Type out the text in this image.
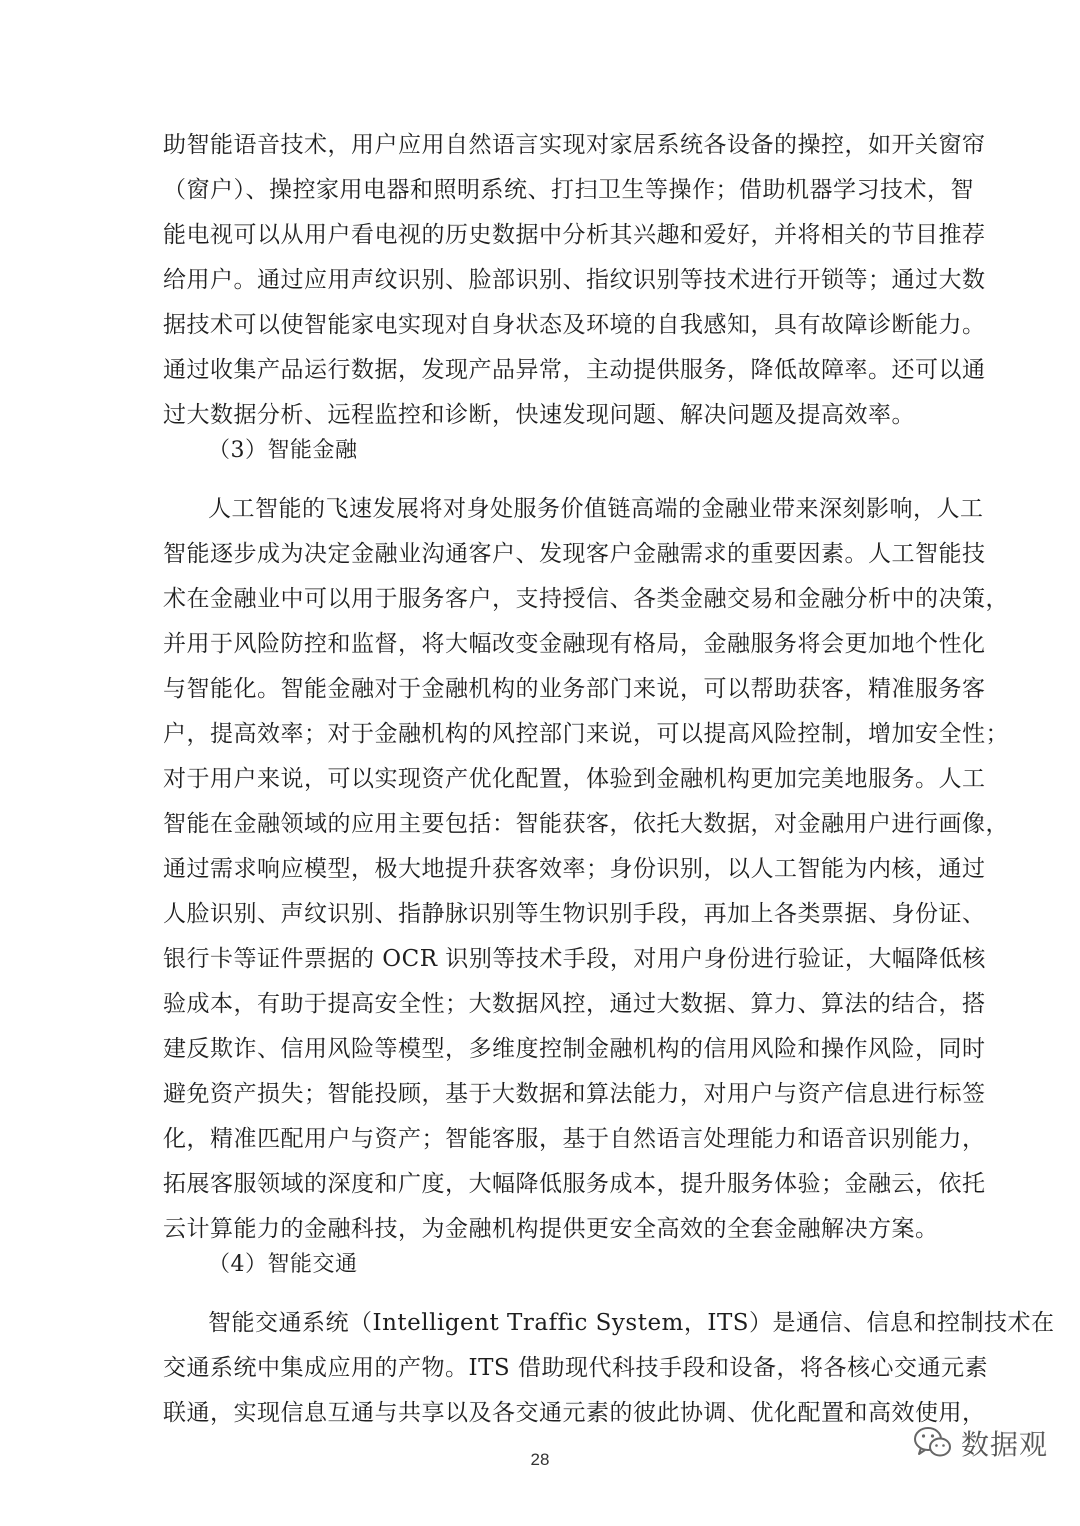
助智能语音技术，用户应用自然语言实现对家居系统各设备的操控，如开关窗帘
（窗户）、操控家用电器和照明系统、打扫卫生等操作；借助机器学习技术，智
能电视可以从用户看电视的历史数据中分析其兴趣和爱好，并将相关的节目推荐
给用户。通过应用声纹识别、脸部识别、指纹识别等技术进行开锁等；通过大数
据技术可以使智能家电实现对自身状态及环境的自我感知，具有故障诊断能力。
通过收集产品运行数据，发现产品异常，主动提供服务，降低故障率。还可以通
过大数据分析、远程监控和诊断，快速发现问题、解决问题及提高效率。
（3）智能金融
人工智能的飞速发展将对身处服务价值链高端的金融业带来深刻影响，人工
智能逐步成为决定金融业沟通客户、发现客户金融需求的重要因素。人工智能技
术在金融业中可以用于服务客户，支持授信、各类金融交易和金融分析中的决策，
并用于风险防控和监督，将大幅改变金融现有格局，金融服务将会更加地个性化
与智能化。智能金融对于金融机构的业务部门来说，可以帮助获客，精准服务客
户，提高效率；对于金融机构的风控部门来说，可以提高风险控制，增加安全性；
对于用户来说，可以实现资产优化配置，体验到金融机构更加完美地服务。人工
智能在金融领域的应用主要包括：智能获客，依托大数据，对金融用户进行画像，
通过需求响应模型，极大地提升获客效率；身份识别，以人工智能为内核，通过
人脸识别、声纹识别、指静脉识别等生物识别手段，再加上各类票据、身份证、
银行卡等证件票据的 OCR 识别等技术手段，对用户身份进行验证，大幅降低核
验成本，有助于提高安全性；大数据风控，通过大数据、算力、算法的结合，搭
建反欺诈、信用风险等模型，多维度控制金融机构的信用风险和操作风险，同时
避免资产损失；智能投顾，基于大数据和算法能力，对用户与资产信息进行标签
化，精准匹配用户与资产；智能客服，基于自然语言处理能力和语音识别能力，
拓展客服领域的深度和广度，大幅降低服务成本，提升服务体验；金融云，依托
云计算能力的金融科技，为金融机构提供更安全高效的全套金融解决方案。
（4）智能交通
智能交通系统（Intelligent Traffic System，ITS）是通信、信息和控制技术在
交通系统中集成应用的产物。ITS 借助现代科技手段和设备，将各核心交通元素
联通，实现信息互通与共享以及各交通元素的彼此协调、优化配置和高效使用，
28	数据观
